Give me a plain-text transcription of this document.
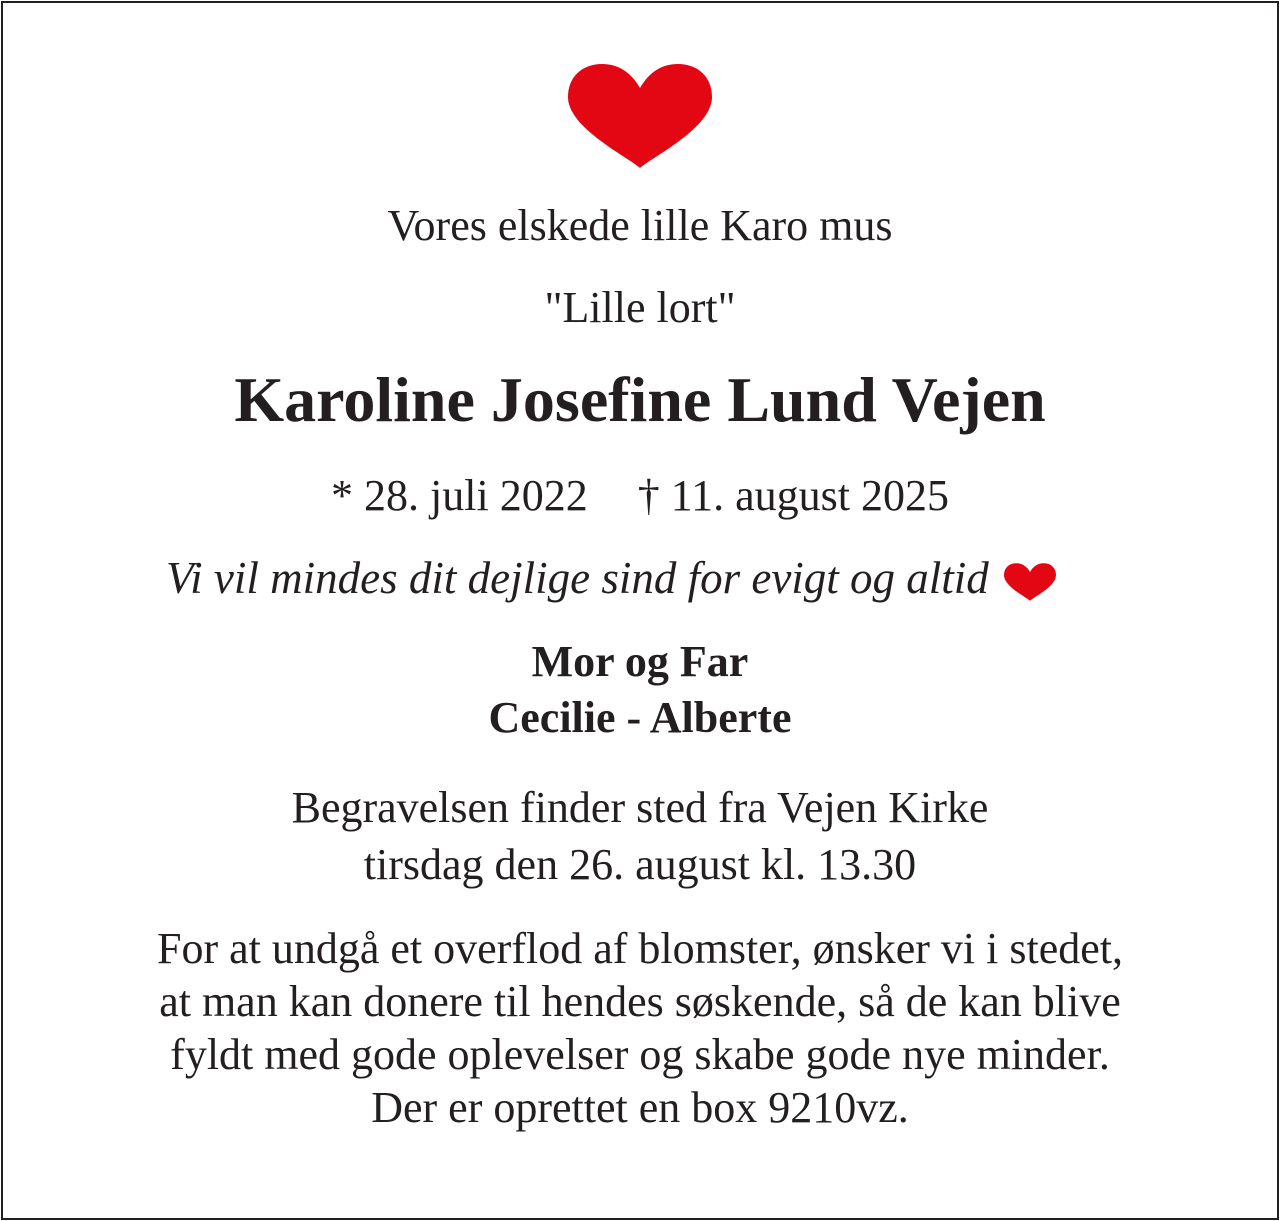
Vores elskede lille Karo mus
"Lille lort"
Karoline Josefine Lund Vejen
* 28. juli 2022 † 11. august 2025
Vi vil mindes dit dejlige sind for evigt og altid
Mor og Far
Cecilie - Alberte
Begravelsen finder sted fra Vejen Kirke
tirsdag den 26. august kl. 13.30
For at undgå et overflod af blomster, ønsker vi i stedet,
at man kan donere til hendes søskende, så de kan blive
fyldt med gode oplevelser og skabe gode nye minder.
Der er oprettet en box 9210vz.
